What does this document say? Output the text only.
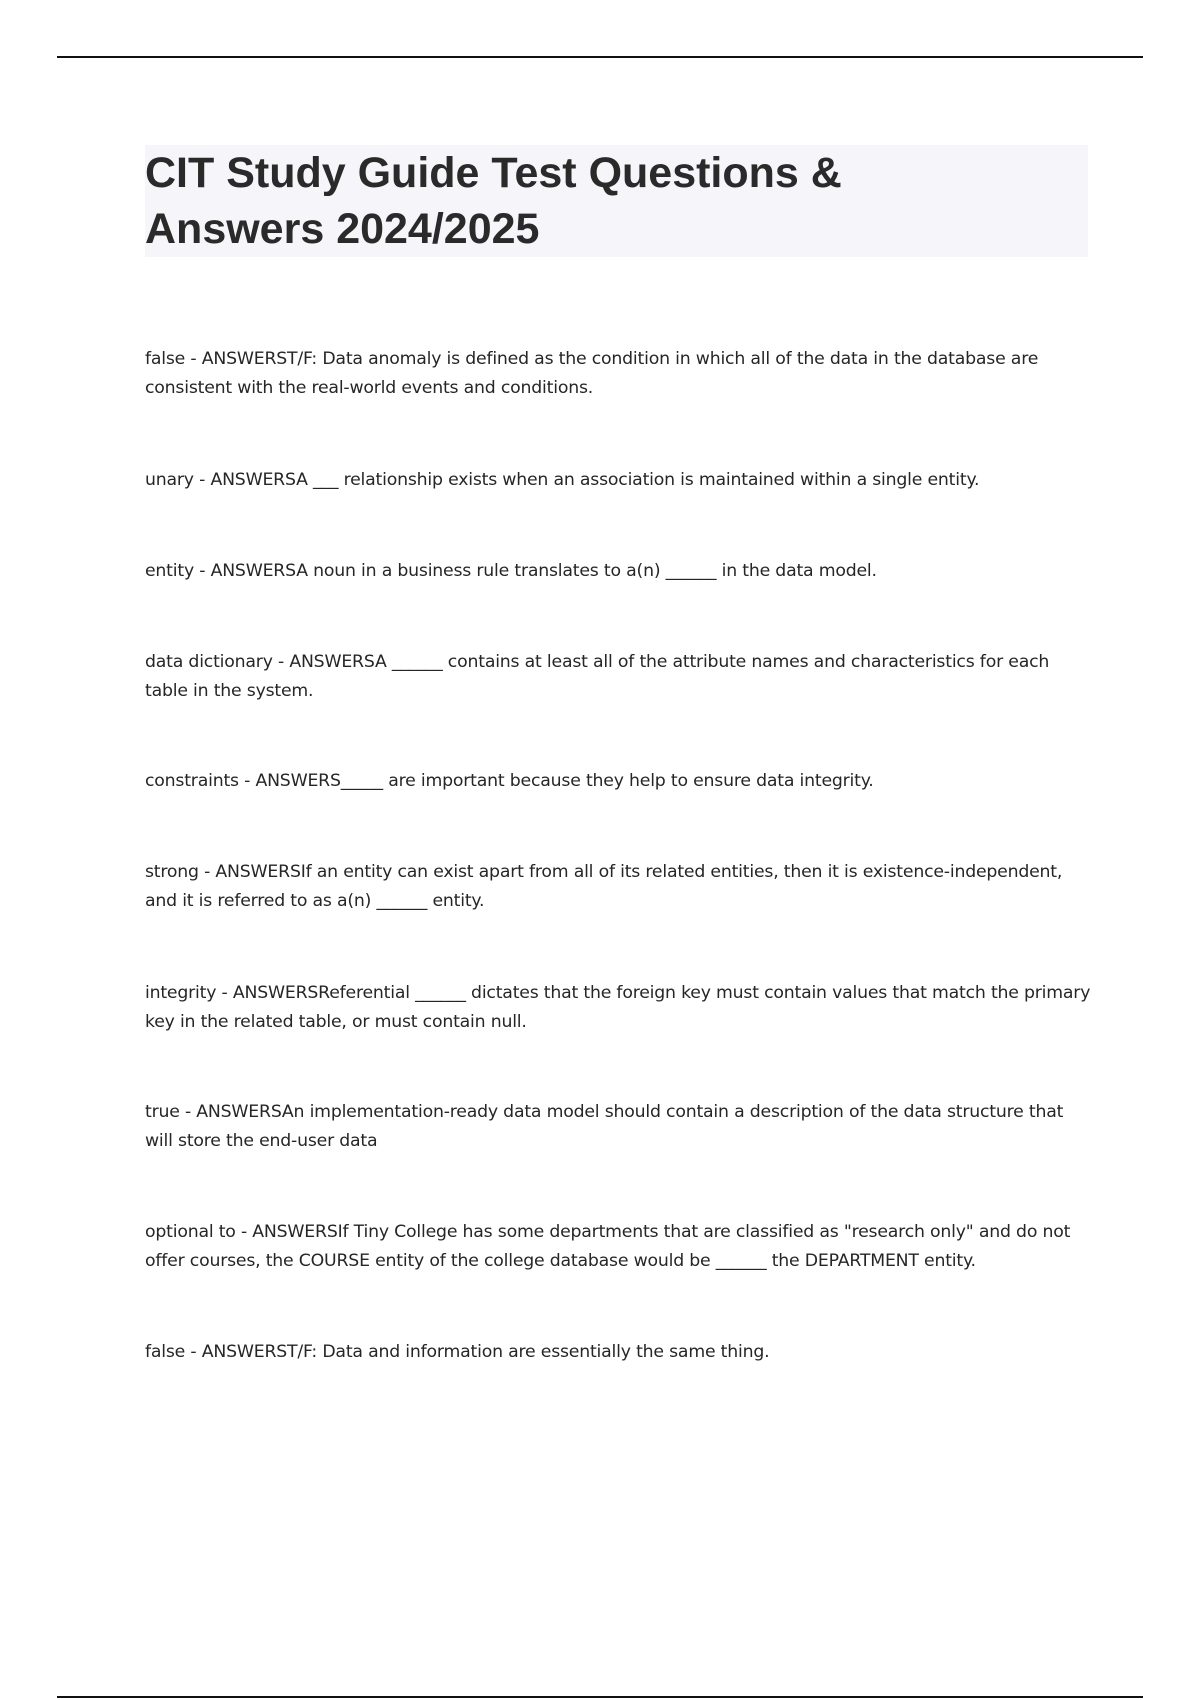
CIT Study Guide Test Questions &
Answers 2024/2025

false - ANSWERST/F: Data anomaly is defined as the condition in which all of the data in the database are consistent with the real-world events and conditions.

unary - ANSWERSA ___ relationship exists when an association is maintained within a single entity.

entity - ANSWERSA noun in a business rule translates to a(n) ______ in the data model.

data dictionary - ANSWERSA ______ contains at least all of the attribute names and characteristics for each table in the system.

constraints - ANSWERS_____ are important because they help to ensure data integrity.

strong - ANSWERSIf an entity can exist apart from all of its related entities, then it is existence-independent, and it is referred to as a(n) ______ entity.

integrity - ANSWERSReferential ______ dictates that the foreign key must contain values that match the primary key in the related table, or must contain null.

true - ANSWERSAn implementation-ready data model should contain a description of the data structure that will store the end-user data

optional to - ANSWERSIf Tiny College has some departments that are classified as "research only" and do not offer courses, the COURSE entity of the college database would be ______ the DEPARTMENT entity.

false - ANSWERST/F: Data and information are essentially the same thing.
